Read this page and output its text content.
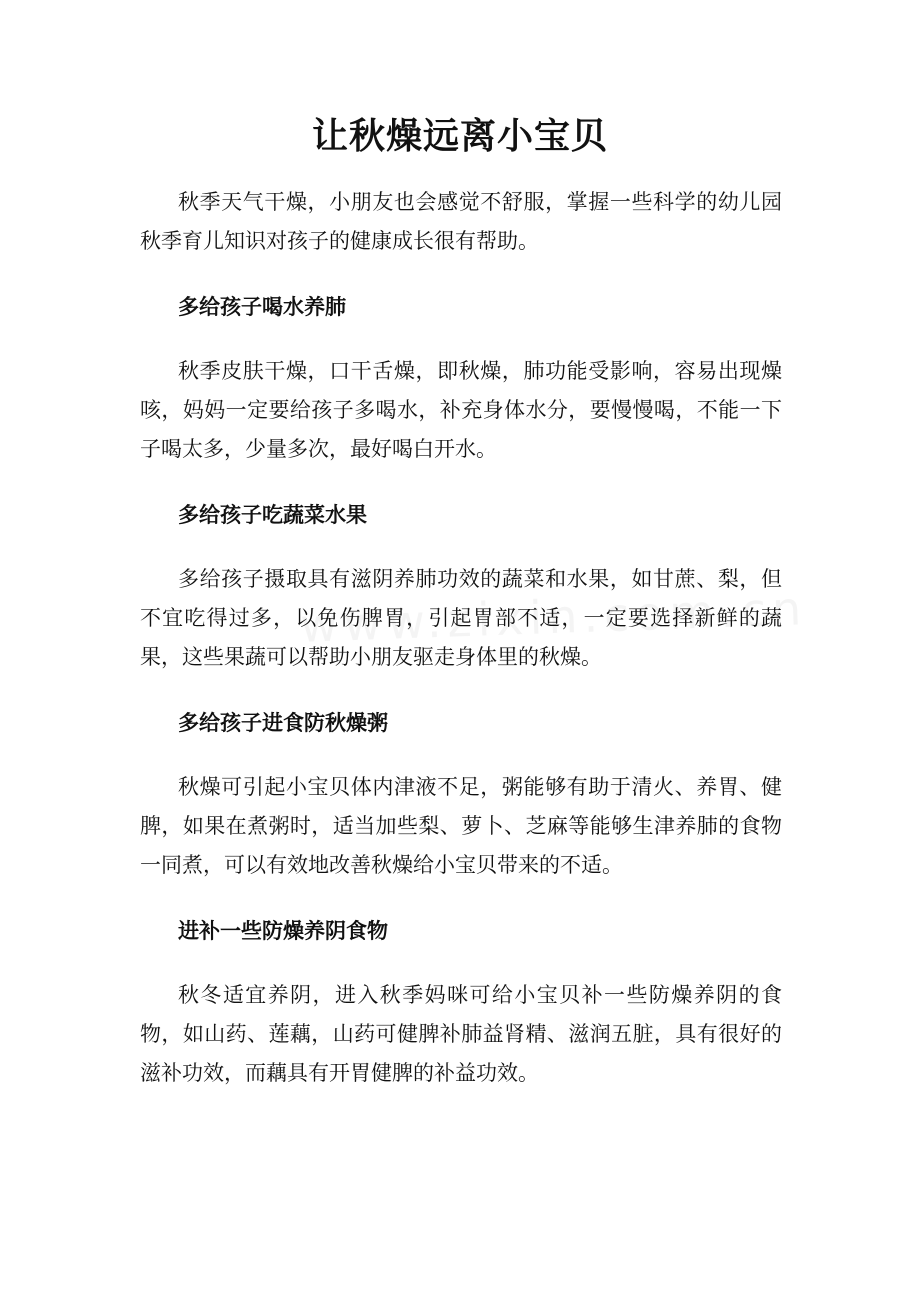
让秋燥远离小宝贝

秋季天气干燥，小朋友也会感觉不舒服，掌握一些科学的幼儿园秋季育儿知识对孩子的健康成长很有帮助。

多给孩子喝水养肺

秋季皮肤干燥，口干舌燥，即秋燥，肺功能受影响，容易出现燥咳，妈妈一定要给孩子多喝水，补充身体水分，要慢慢喝，不能一下子喝太多，少量多次，最好喝白开水。

多给孩子吃蔬菜水果

多给孩子摄取具有滋阴养肺功效的蔬菜和水果，如甘蔗、梨，但不宜吃得过多，以免伤脾胃，引起胃部不适，一定要选择新鲜的蔬果，这些果蔬可以帮助小朋友驱走身体里的秋燥。

多给孩子进食防秋燥粥

秋燥可引起小宝贝体内津液不足，粥能够有助于清火、养胃、健脾，如果在煮粥时，适当加些梨、萝卜、芝麻等能够生津养肺的食物一同煮，可以有效地改善秋燥给小宝贝带来的不适。

进补一些防燥养阴食物

秋冬适宜养阴，进入秋季妈咪可给小宝贝补一些防燥养阴的食物，如山药、莲藕，山药可健脾补肺益肾精、滋润五脏，具有很好的滋补功效，而藕具有开胃健脾的补益功效。
